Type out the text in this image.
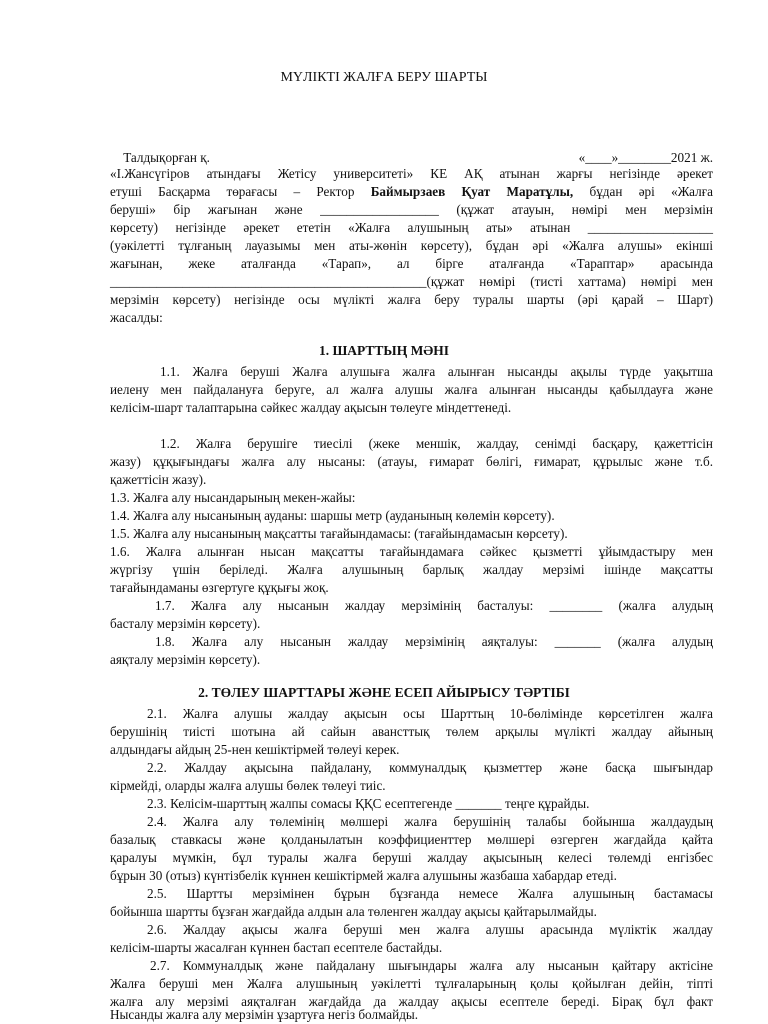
МҮЛІКТІ ЖАЛҒА БЕРУ ШАРТЫ

Талдықорған қ.
	«____»________2021 ж.

«І.Жансүгіров атындағы Жетісу университеті» КЕ АҚ атынан жарғы негізінде әрекет
етуші Басқарма төрағасы – Ректор Баймырзаев Қуат Маратұлы, бұдан әрі «Жалға
беруші» бір жағынан және __________________ (құжат атауын, нөмірі мен мерзімін
көрсету) негізінде әрекет ететін «Жалға алушының аты» атынан ___________________
(уәкілетті тұлғаның лауазымы мен аты-жөнін көрсету), бұдан әрі «Жалға алушы» екінші
жағынан, жеке аталғанда «Тарап», ал бірге аталғанда «Тараптар» арасында
________________________________________________(құжат нөмірі (тисті хаттама) нөмірі мен
мерзімін көрсету) негізінде осы мүлікті жалға беру туралы шарты (әрі қарай – Шарт)
жасалды:
1. ШАРТТЫҢ МӘНІ
1.1. Жалға беруші Жалға алушыға жалға алынған нысанды ақылы түрде уақытша
иелену мен пайдалануға беруге, ал жалға алушы жалға алынған нысанды қабылдауға және
келісім-шарт талаптарына сәйкес жалдау ақысын төлеуге міндеттенеді.
1.2. Жалға берушіге тиесілі (жеке меншік, жалдау, сенімді басқару, қажеттісін
жазу) құқығындағы жалға алу нысаны: (атауы, ғимарат бөлігі, ғимарат, құрылыс және т.б.
қажеттісін жазу).
1.3. Жалға алу нысандарының мекен-жайы:
1.4. Жалға алу нысанының ауданы: шаршы метр (ауданының көлемін көрсету).
1.5. Жалға алу нысанының мақсатты тағайындамасы: (тағайындамасын көрсету).
1.6. Жалға алынған нысан мақсатты тағайындамаға сәйкес қызметті ұйымдастыру мен
жүргізу үшін беріледі. Жалға алушының барлық жалдау мерзімі ішінде мақсатты
тағайындаманы өзгертуге құқығы жоқ.
1.7. Жалға алу нысанын жалдау мерзімінің басталуы: ________ (жалға алудың
басталу мерзімін көрсету).
1.8. Жалға алу нысанын жалдау мерзімінің аяқталуы: _______ (жалға алудың
аяқталу мерзімін көрсету).
2. ТӨЛЕУ ШАРТТАРЫ ЖӘНЕ ЕСЕП АЙЫРЫСУ ТӘРТІБІ
2.1. Жалға алушы жалдау ақысын осы Шарттың 10-бөлімінде көрсетілген жалға
берушінің тиісті шотына ай сайын авансттық төлем арқылы мүлікті жалдау айының
алдындағы айдың 25-нен кешіктірмей төлеуі керек.
2.2. Жалдау ақысына пайдалану, коммуналдық қызметтер және басқа шығындар
кірмейді, оларды жалға алушы бөлек төлеуі тиіс.
2.3. Келісім-шарттың жалпы сомасы ҚҚС есептегенде _______ теңге құрайды.
2.4. Жалға алу төлемінің мөлшері жалға берушінің талабы бойынша жалдаудың
базалық ставкасы және қолданылатын коэффициенттер мөлшері өзгерген жағдайда қайта
қаралуы мүмкін, бұл туралы жалға беруші жалдау ақысының келесі төлемді енгізбес
бұрын 30 (отыз) күнтізбелік күннен кешіктірмей жалға алушыны жазбаша хабардар етеді.
2.5. Шартты мерзімінен бұрын бұзғанда немесе Жалға алушының бастамасы
бойынша шартты бұзған жағдайда алдын ала төленген жалдау ақысы қайтарылмайды.
2.6. Жалдау ақысы жалға беруші мен жалға алушы арасында мүліктік жалдау
келісім-шарты жасалған күннен бастап есептеле бастайды.
2.7. Коммуналдық және пайдалану шығындары жалға алу нысанын қайтару актісіне
Жалға беруші мен Жалға алушының уәкілетті тұлғаларының қолы қойылған дейін, тіпті
жалға алу мерзімі аяқталған жағдайда да жалдау ақысы есептеле береді. Бірақ бұл факт
Нысанды жалға алу мерзімін ұзартуға негіз болмайды.
